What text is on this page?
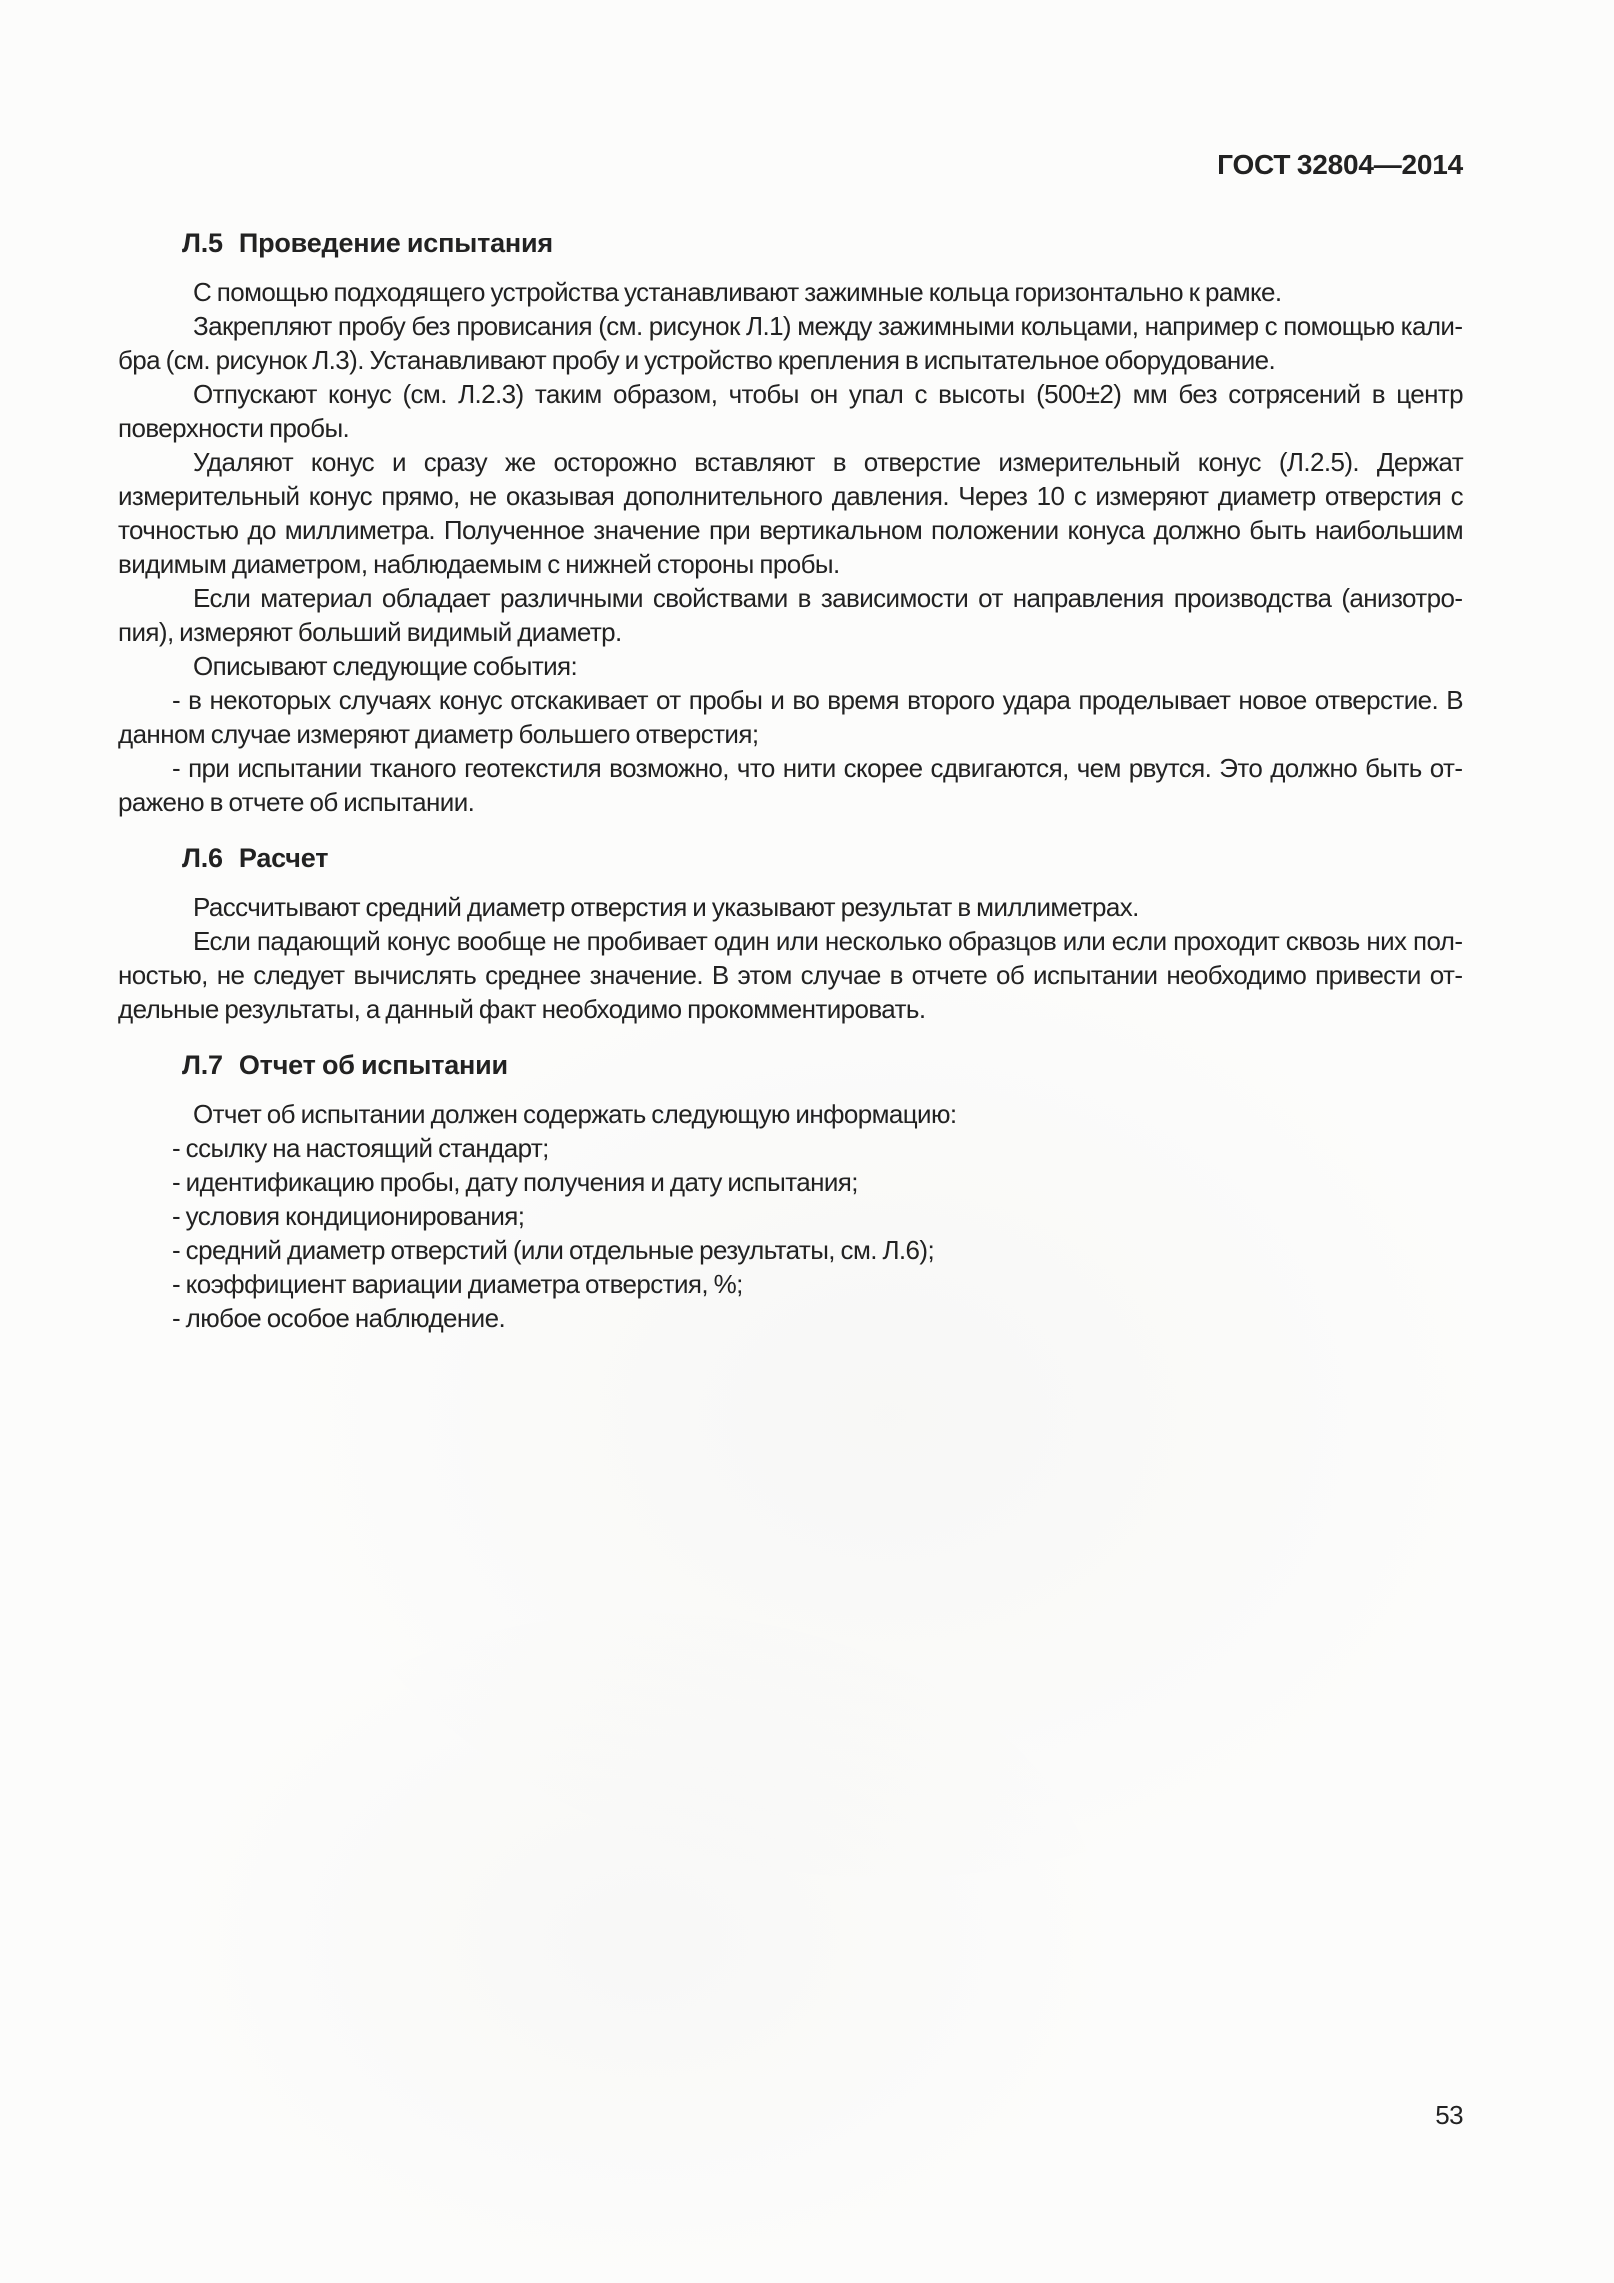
ГОСТ 32804—2014
Л.5 Проведение испытания

С помощью подходящего устройства устанавливают зажимные кольца горизонтально к рамке.

Закрепляют пробу без провисания (см. рисунок Л.1) между зажимными кольцами, например с помощью калибра (см. рисунок Л.3). Устанавливают пробу и устройство крепления в испытательное оборудование.

Отпускают конус (см. Л.2.3) таким образом, чтобы он упал с высоты (500±2) мм без сотрясений в центр поверхности пробы.

Удаляют конус и сразу же осторожно вставляют в отверстие измерительный конус (Л.2.5). Держат измерительный конус прямо, не оказывая дополнительного давления. Через 10 с измеряют диаметр отверстия с точностью до миллиметра. Полученное значение при вертикальном положении конуса должно быть наибольшим видимым диаметром, наблюдаемым с нижней стороны пробы.

Если материал обладает различными свойствами в зависимости от направления производства (анизотропия), измеряют больший видимый диаметр.

Описывают следующие события:

- в некоторых случаях конус отскакивает от пробы и во время второго удара проделывает новое отверстие. В данном случае измеряют диаметр большего отверстия;

- при испытании тканого геотекстиля возможно, что нити скорее сдвигаются, чем рвутся. Это должно быть отражено в отчете об испытании.

Л.6 Расчет

Рассчитывают средний диаметр отверстия и указывают результат в миллиметрах.

Если падающий конус вообще не пробивает один или несколько образцов или если проходит сквозь них полностью, не следует вычислять среднее значение. В этом случае в отчете об испытании необходимо привести отдельные результаты, а данный факт необходимо прокомментировать.

Л.7 Отчет об испытании

Отчет об испытании должен содержать следующую информацию:

- ссылку на настоящий стандарт;

- идентификацию пробы, дату получения и дату испытания;

- условия кондиционирования;

- средний диаметр отверстий (или отдельные результаты, см. Л.6);

- коэффициент вариации диаметра отверстия, %;

- любое особое наблюдение.

53
